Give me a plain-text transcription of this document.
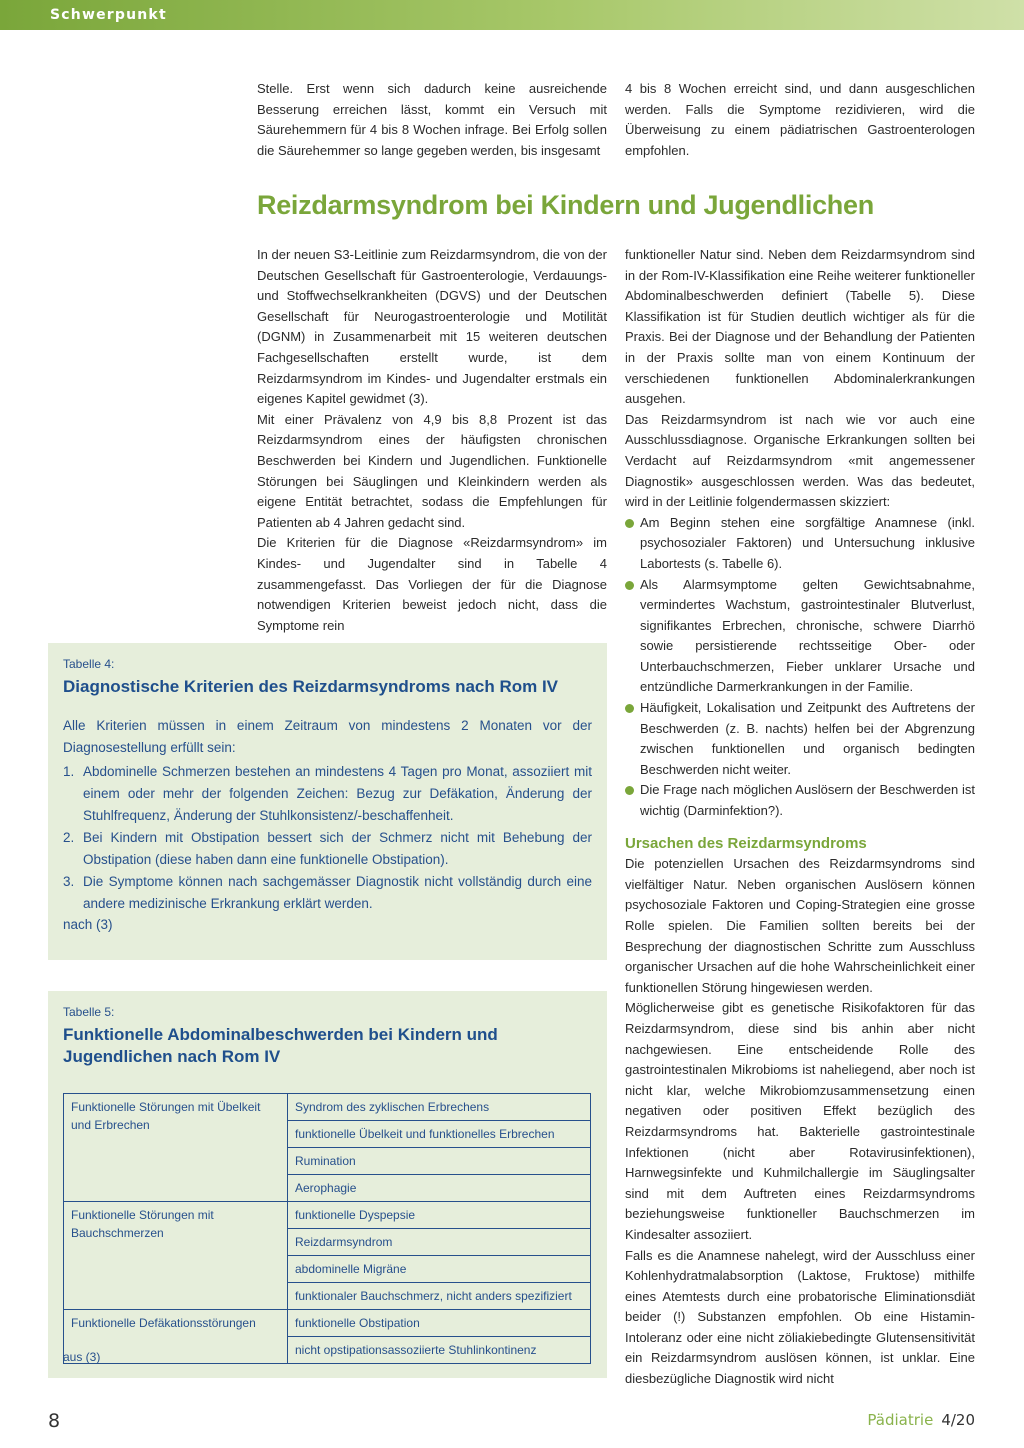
Schwerpunkt

Stelle. Erst wenn sich dadurch keine ausreichende Besserung erreichen lässt, kommt ein Versuch mit Säurehemmern für 4 bis 8 Wochen infrage. Bei Erfolg sollen die Säurehemmer so lange gegeben werden, bis insgesamt

4 bis 8 Wochen erreicht sind, und dann ausgeschlichen werden. Falls die Symptome rezidivieren, wird die Überweisung zu einem pädiatrischen Gastroenterologen empfohlen.

Reizdarmsyndrom bei Kindern und Jugendlichen

In der neuen S3-Leitlinie zum Reizdarmsyndrom, die von der Deutschen Gesellschaft für Gastroenterologie, Verdauungs- und Stoffwechselkrankheiten (DGVS) und der Deutschen Gesellschaft für Neurogastroenterologie und Motilität (DGNM) in Zusammenarbeit mit 15 weiteren deutschen Fachgesellschaften erstellt wurde, ist dem Reizdarmsyndrom im Kindes- und Jugendalter erstmals ein eigenes Kapitel gewidmet (3).

Mit einer Prävalenz von 4,9 bis 8,8 Prozent ist das Reizdarmsyndrom eines der häufigsten chronischen Beschwerden bei Kindern und Jugendlichen. Funktionelle Störungen bei Säuglingen und Kleinkindern werden als eigene Entität betrachtet, sodass die Empfehlungen für Patienten ab 4 Jahren gedacht sind.

Die Kriterien für die Diagnose «Reizdarmsyndrom» im Kindes- und Jugendalter sind in Tabelle 4 zusammengefasst. Das Vorliegen der für die Diagnose notwendigen Kriterien beweist jedoch nicht, dass die Symptome rein

funktioneller Natur sind. Neben dem Reizdarmsyndrom sind in der Rom-IV-Klassifikation eine Reihe weiterer funktioneller Abdominalbeschwerden definiert (Tabelle 5). Diese Klassifikation ist für Studien deutlich wichtiger als für die Praxis. Bei der Diagnose und der Behandlung der Patienten in der Praxis sollte man von einem Kontinuum der verschiedenen funktionellen Abdominalerkrankungen ausgehen.

Das Reizdarmsyndrom ist nach wie vor auch eine Ausschlussdiagnose. Organische Erkrankungen sollten bei Verdacht auf Reizdarmsyndrom «mit angemessener Diagnostik» ausgeschlossen werden. Was das bedeutet, wird in der Leitlinie folgendermassen skizziert:

Am Beginn stehen eine sorgfältige Anamnese (inkl. psychosozialer Faktoren) und Untersuchung inklusive Labortests (s. Tabelle 6).
Als Alarmsymptome gelten Gewichtsabnahme, vermindertes Wachstum, gastrointestinaler Blutverlust, signifikantes Erbrechen, chronische, schwere Diarrhö sowie persistierende rechtsseitige Ober- oder Unterbauchschmerzen, Fieber unklarer Ursache und entzündliche Darmerkrankungen in der Familie.
Häufigkeit, Lokalisation und Zeitpunkt des Auftretens der Beschwerden (z. B. nachts) helfen bei der Abgrenzung zwischen funktionellen und organisch bedingten Beschwerden nicht weiter.
Die Frage nach möglichen Auslösern der Beschwerden ist wichtig (Darminfektion?).
Ursachen des Reizdarmsyndroms

Die potenziellen Ursachen des Reizdarmsyndroms sind vielfältiger Natur. Neben organischen Auslösern können psychosoziale Faktoren und Coping-Strategien eine grosse Rolle spielen. Die Familien sollten bereits bei der Besprechung der diagnostischen Schritte zum Ausschluss organischer Ursachen auf die hohe Wahrscheinlichkeit einer funktionellen Störung hingewiesen werden.

Möglicherweise gibt es genetische Risikofaktoren für das Reizdarmsyndrom, diese sind bis anhin aber nicht nachgewiesen. Eine entscheidende Rolle des gastrointestinalen Mikrobioms ist naheliegend, aber noch ist nicht klar, welche Mikrobiomzusammensetzung einen negativen oder positiven Effekt bezüglich des Reizdarmsyndroms hat. Bakterielle gastrointestinale Infektionen (nicht aber Rotavirusinfektionen), Harnwegsinfekte und Kuhmilchallergie im Säuglingsalter sind mit dem Auftreten eines Reizdarmsyndroms beziehungsweise funktioneller Bauchschmerzen im Kindesalter assoziiert.

Falls es die Anamnese nahelegt, wird der Ausschluss einer Kohlenhydratmalabsorption (Laktose, Fruktose) mithilfe eines Atemtests durch eine probatorische Eliminationsdiät beider (!) Substanzen empfohlen. Ob eine Histamin-Intoleranz oder eine nicht zöliakiebedingte Glutensensitivität ein Reizdarmsyndrom auslösen können, ist unklar. Eine diesbezügliche Diagnostik wird nicht

Tabelle 4:
Diagnostische Kriterien des Reizdarmsyndroms nach Rom IV
Alle Kriterien müssen in einem Zeitraum von mindestens 2 Monaten vor der Diagnosestellung erfüllt sein:
1. Abdominelle Schmerzen bestehen an mindestens 4 Tagen pro Monat, assoziiert mit einem oder mehr der folgenden Zeichen: Bezug zur Defäkation, Änderung der Stuhlfrequenz, Änderung der Stuhlkonsistenz/-beschaffenheit.
2. Bei Kindern mit Obstipation bessert sich der Schmerz nicht mit Behebung der Obstipation (diese haben dann eine funktionelle Obstipation).
3. Die Symptome können nach sachgemässer Diagnostik nicht vollständig durch eine andere medizinische Erkrankung erklärt werden.
nach (3)
Tabelle 5:
Funktionelle Abdominalbeschwerden bei Kindern und Jugendlichen nach Rom IV
Funktionelle Störungen mit Übelkeit und Erbrechen	Syndrom des zyklischen Erbrechens
	funktionelle Übelkeit und funktionelles Erbrechen
	Rumination
	Aerophagie
Funktionelle Störungen mit Bauchschmerzen	funktionelle Dyspepsie
	Reizdarmsyndrom
	abdominelle Migräne
	funktionaler Bauchschmerz, nicht anders spezifiziert
Funktionelle Defäkationsstörungen	funktionelle Obstipation
	nicht opstipationsassoziierte Stuhlinkontinenz
aus (3)
8	Pädiatrie 4/20
